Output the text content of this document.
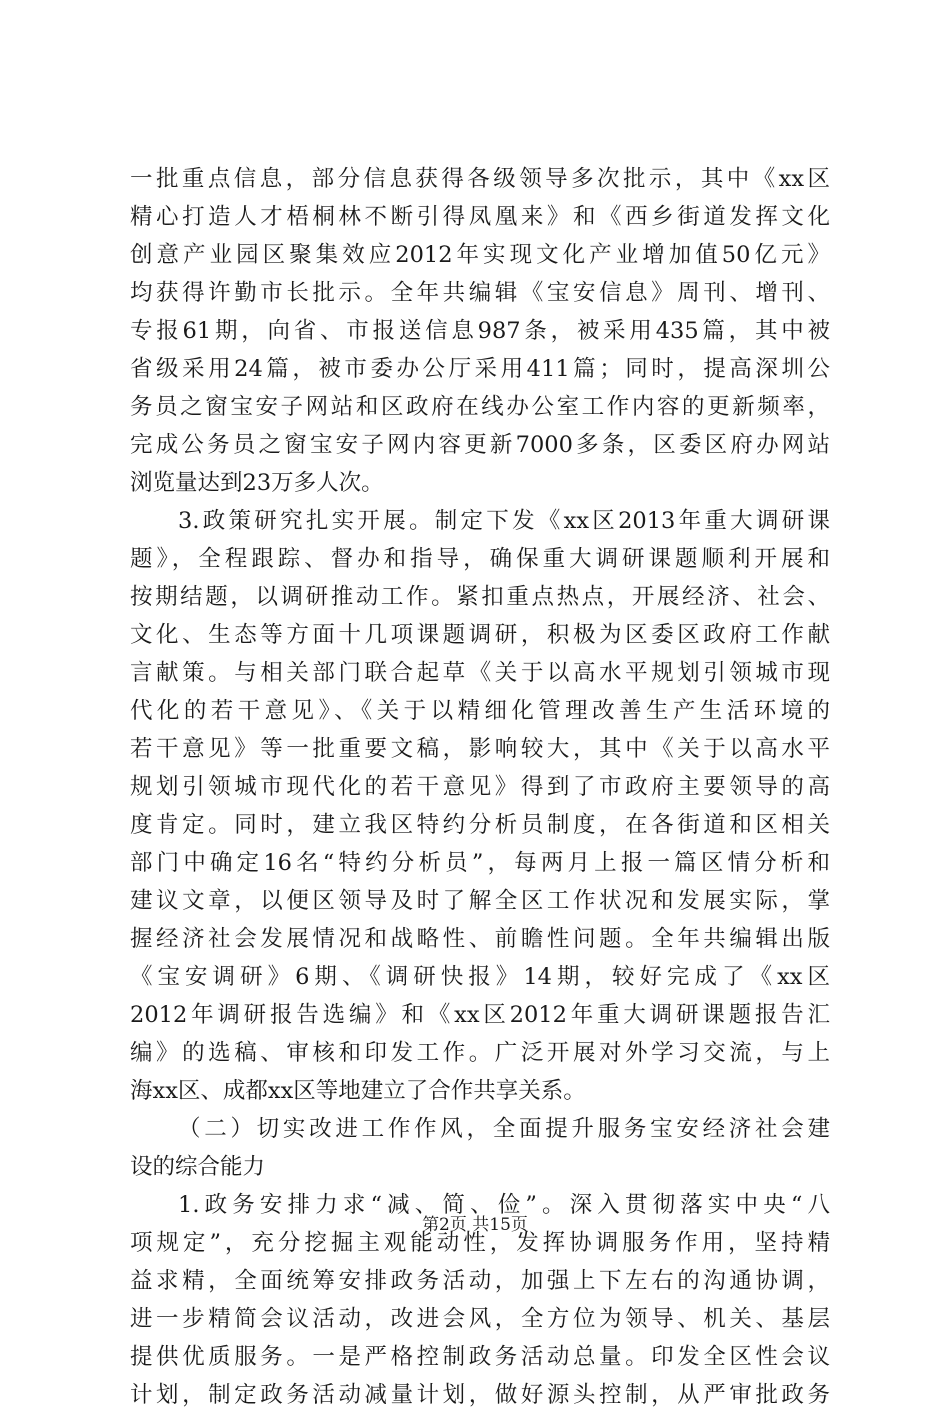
一批重点信息，部分信息获得各级领导多次批示，其中《xx区
精心打造人才梧桐林不断引得凤凰来》和《西乡街道发挥文化
创意产业园区聚集效应2012年实现文化产业增加值50亿元》
均获得许勤市长批示。全年共编辑《宝安信息》周刊、增刊、
专报61期，向省、市报送信息987条，被采用435篇，其中被
省级采用24篇，被市委办公厅采用411篇；同时，提高深圳公
务员之窗宝安子网站和区政府在线办公室工作内容的更新频率，
完成公务员之窗宝安子网内容更新7000多条，区委区府办网站
浏览量达到23万多人次。
3.政策研究扎实开展。制定下发《xx区2013年重大调研课
题》，全程跟踪、督办和指导，确保重大调研课题顺利开展和
按期结题，以调研推动工作。紧扣重点热点，开展经济、社会、
文化、生态等方面十几项课题调研，积极为区委区政府工作献
言献策。与相关部门联合起草《关于以高水平规划引领城市现
代化的若干意见》、《关于以精细化管理改善生产生活环境的
若干意见》等一批重要文稿，影响较大，其中《关于以高水平
规划引领城市现代化的若干意见》得到了市政府主要领导的高
度肯定。同时，建立我区特约分析员制度，在各街道和区相关
部门中确定16名“特约分析员”，每两月上报一篇区情分析和
建议文章，以便区领导及时了解全区工作状况和发展实际，掌
握经济社会发展情况和战略性、前瞻性问题。全年共编辑出版
《宝安调研》6期、《调研快报》14期，较好完成了《xx区
2012年调研报告选编》和《xx区2012年重大调研课题报告汇
编》的选稿、审核和印发工作。广泛开展对外学习交流，与上
海xx区、成都xx区等地建立了合作共享关系。
（二）切实改进工作作风，全面提升服务宝安经济社会建
设的综合能力
1.政务安排力求“减、简、俭”。深入贯彻落实中央“八
项规定”，充分挖掘主观能动性，发挥协调服务作用，坚持精
益求精，全面统筹安排政务活动，加强上下左右的沟通协调，
进一步精简会议活动，改进会风，全方位为领导、机关、基层
提供优质服务。一是严格控制政务活动总量。印发全区性会议
计划，制定政务活动减量计划，做好源头控制，从严审批政务
第2页 共15页
